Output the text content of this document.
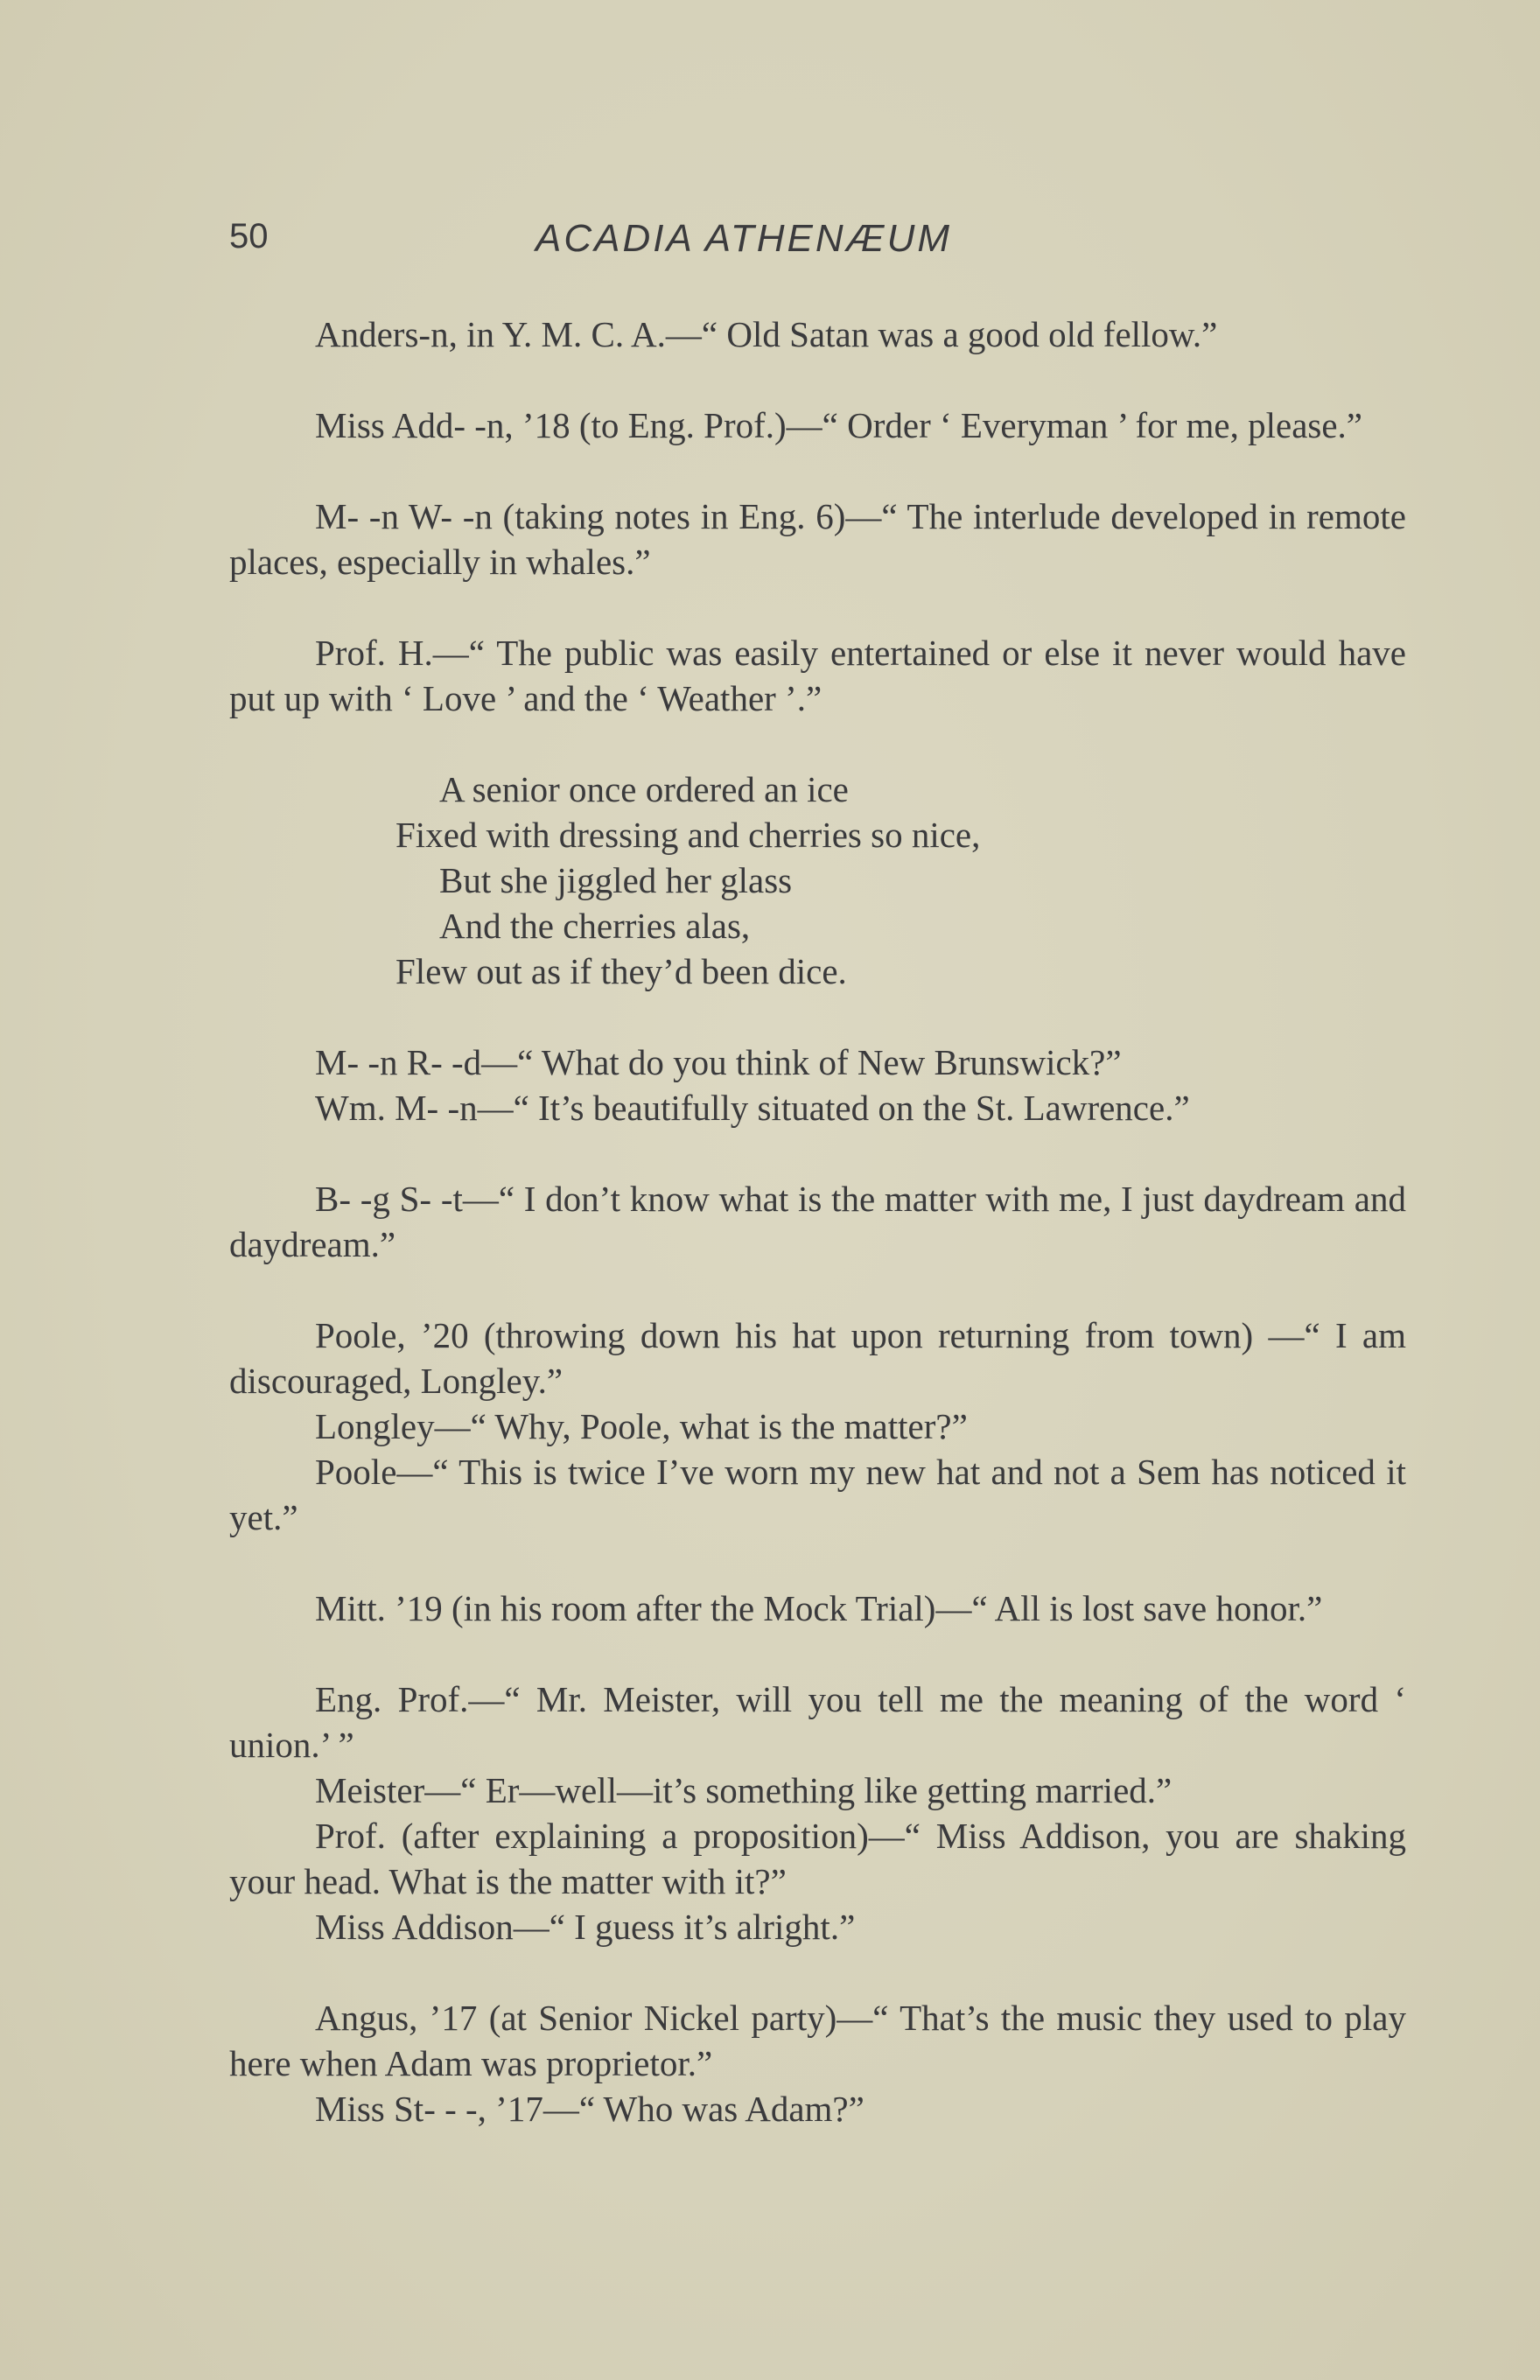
50	ACADIA ATHENÆUM

Anders-n, in Y. M. C. A.—“ Old Satan was a good old fellow.”

Miss Add- -n, ’18 (to Eng. Prof.)—“ Order ‘ Everyman ’ for me, please.”

M- -n W- -n (taking notes in Eng. 6)—“ The interlude developed in remote places, especially in whales.”

Prof. H.—“ The public was easily entertained or else it never would have put up with ‘ Love ’ and the ‘ Weather ’.”

A senior once ordered an ice
Fixed with dressing and cherries so nice,
But she jiggled her glass
And the cherries alas,
Flew out as if they’d been dice.

M- -n R- -d—“ What do you think of New Brunswick?”

Wm. M- -n—“ It’s beautifully situated on the St. Lawrence.”

B- -g S- -t—“ I don’t know what is the matter with me, I just daydream and daydream.”

Poole, ’20 (throwing down his hat upon returning from town) —“ I am discouraged, Longley.”

Longley—“ Why, Poole, what is the matter?”

Poole—“ This is twice I’ve worn my new hat and not a Sem has noticed it yet.”

Mitt. ’19 (in his room after the Mock Trial)—“ All is lost save honor.”

Eng. Prof.—“ Mr. Meister, will you tell me the meaning of the word ‘ union.’ ”

Meister—“ Er—well—it’s something like getting married.”

Prof. (after explaining a proposition)—“ Miss Addison, you are shaking your head. What is the matter with it?”

Miss Addison—“ I guess it’s alright.”

Angus, ’17 (at Senior Nickel party)—“ That’s the music they used to play here when Adam was proprietor.”

Miss St- - -, ’17—“ Who was Adam?”
